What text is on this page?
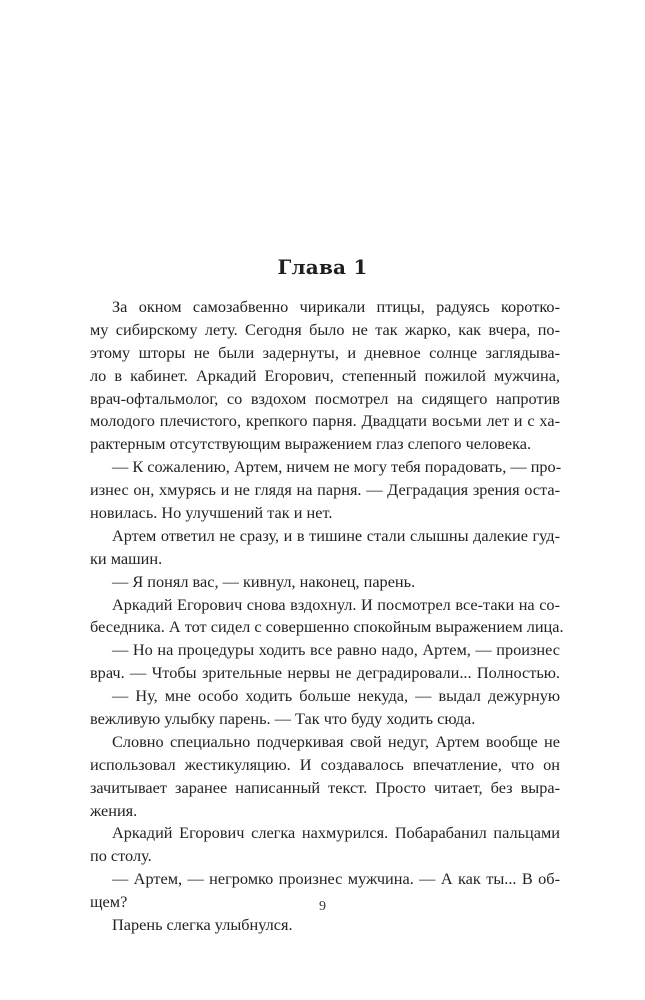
Глава 1
За окном самозабвенно чирикали птицы, радуясь коротко-
му сибирскому лету. Сегодня было не так жарко, как вчера, по-
этому шторы не были задернуты, и дневное солнце заглядыва-
ло в кабинет. Аркадий Егорович, степенный пожилой мужчина,
врач-офтальмолог, со вздохом посмотрел на сидящего напротив
молодого плечистого, крепкого парня. Двадцати восьми лет и с ха-
рактерным отсутствующим выражением глаз слепого человека.
— К сожалению, Артем, ничем не могу тебя порадовать, — про-
изнес он, хмурясь и не глядя на парня. — Деградация зрения оста-
новилась. Но улучшений так и нет.
Артем ответил не сразу, и в тишине стали слышны далекие гуд-
ки машин.
— Я понял вас, — кивнул, наконец, парень.
Аркадий Егорович снова вздохнул. И посмотрел все-таки на со-
беседника. А тот сидел с совершенно спокойным выражением лица.
— Но на процедуры ходить все равно надо, Артем, — произнес
врач. — Чтобы зрительные нервы не деградировали... Полностью.
— Ну, мне особо ходить больше некуда, — выдал дежурную
вежливую улыбку парень. — Так что буду ходить сюда.
Словно специально подчеркивая свой недуг, Артем вообще не
использовал жестикуляцию. И создавалось впечатление, что он
зачитывает заранее написанный текст. Просто читает, без выра-
жения.
Аркадий Егорович слегка нахмурился. Побарабанил пальцами
по столу.
— Артем, — негромко произнес мужчина. — А как ты... В об-
щем?
Парень слегка улыбнулся.
9
